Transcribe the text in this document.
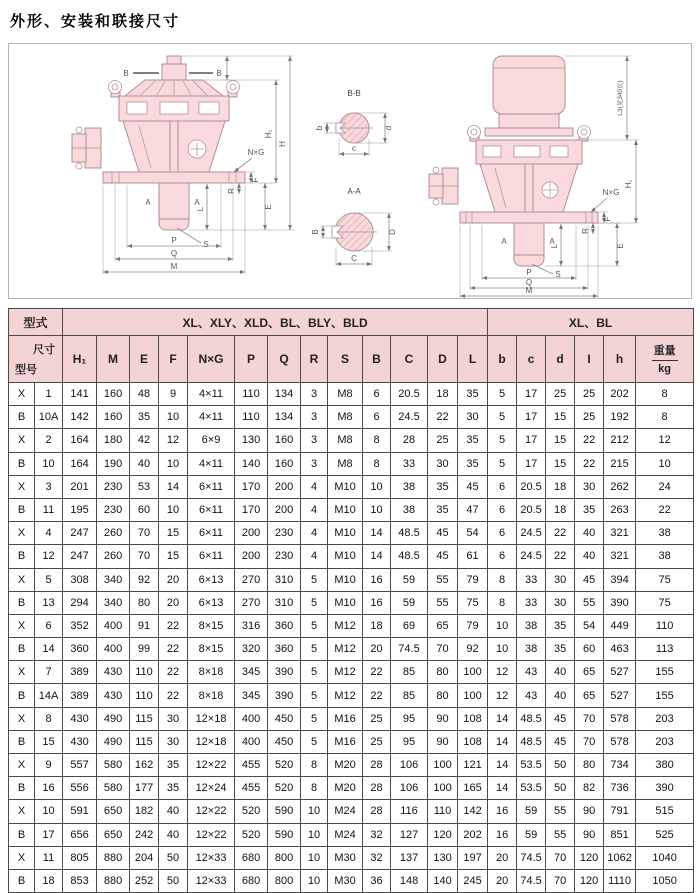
外形、安装和联接尺寸
B	B
A	A
L
S
N×G
F
R
E
H₁
H
P
Q
M
B-B
b	d
c
A-A
B	D
C
A	A
L
S
N×G
F
R
E
L3(见340页)
H₁
P
Q
M
型式		XL、XLY、XLD、BL、BLY、BLD													XL、BL					

尺寸
型号
	H₁	M	E	F	N×G	P	Q	R	S	B	C	D	L	b	c	d	I	h	
重量
kg

X	1	141	160	48	9	4×11	110	134	3	M8	6	20.5	18	35	5	17	25	25	202	8
B	10A	142	160	35	10	4×11	110	134	3	M8	6	24.5	22	30	5	17	15	25	192	8
X	2	164	180	42	12	6×9	130	160	3	M8	8	28	25	35	5	17	15	22	212	12
B	10	164	190	40	10	4×11	140	160	3	M8	8	33	30	35	5	17	15	22	215	10
X	3	201	230	53	14	6×11	170	200	4	M10	10	38	35	45	6	20.5	18	30	262	24
B	11	195	230	60	10	6×11	170	200	4	M10	10	38	35	47	6	20.5	18	35	263	22
X	4	247	260	70	15	6×11	200	230	4	M10	14	48.5	45	54	6	24.5	22	40	321	38
B	12	247	260	70	15	6×11	200	230	4	M10	14	48.5	45	61	6	24.5	22	40	321	38
X	5	308	340	92	20	6×13	270	310	5	M10	16	59	55	79	8	33	30	45	394	75
B	13	294	340	80	20	6×13	270	310	5	M10	16	59	55	75	8	33	30	55	390	75
X	6	352	400	91	22	8×15	316	360	5	M12	18	69	65	79	10	38	35	54	449	110
B	14	360	400	99	22	8×15	320	360	5	M12	20	74.5	70	92	10	38	35	60	463	113
X	7	389	430	110	22	8×18	345	390	5	M12	22	85	80	100	12	43	40	65	527	155
B	14A	389	430	110	22	8×18	345	390	5	M12	22	85	80	100	12	43	40	65	527	155
X	8	430	490	115	30	12×18	400	450	5	M16	25	95	90	108	14	48.5	45	70	578	203
B	15	430	490	115	30	12×18	400	450	5	M16	25	95	90	108	14	48.5	45	70	578	203
X	9	557	580	162	35	12×22	455	520	8	M20	28	106	100	121	14	53.5	50	80	734	380
B	16	556	580	177	35	12×24	455	520	8	M20	28	106	100	165	14	53.5	50	82	736	390
X	10	591	650	182	40	12×22	520	590	10	M24	28	116	110	142	16	59	55	90	791	515
B	17	656	650	242	40	12×22	520	590	10	M24	32	127	120	202	16	59	55	90	851	525
X	11	805	880	204	50	12×33	680	800	10	M30	32	137	130	197	20	74.5	70	120	1062	1040
B	18	853	880	252	50	12×33	680	800	10	M30	36	148	140	245	20	74.5	70	120	1110	1050
